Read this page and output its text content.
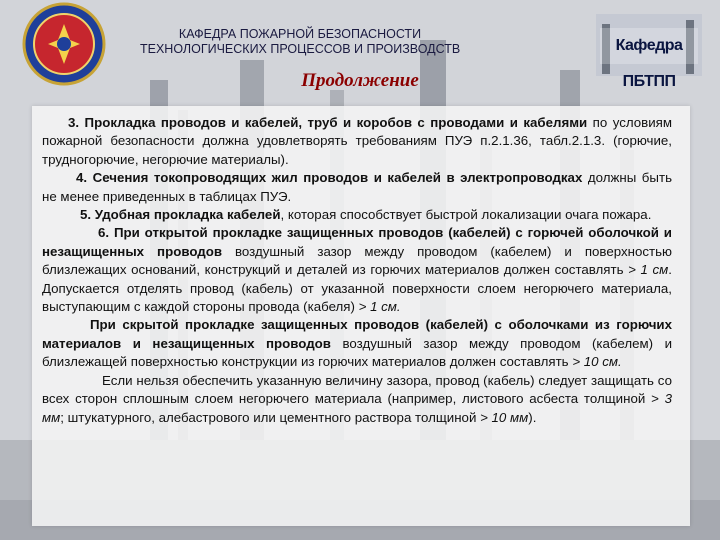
КАФЕДРА ПОЖАРНОЙ БЕЗОПАСНОСТИ
ТЕХНОЛОГИЧЕСКИХ ПРОЦЕССОВ И ПРОИЗВОДСТВ	Кафедра ПБТПП
Продолжение

3. Прокладка проводов и кабелей, труб и коробов с проводами и кабелями по условиям пожарной безопасности должна удовлетворять требованиям ПУЭ п.2.1.36, табл.2.1.3. (горючие, трудногорючие, негорючие материалы).

4. Сечения токопроводящих жил проводов и кабелей в электропроводках должны быть не менее приведенных в таблицах ПУЭ.

5. Удобная прокладка кабелей, которая способствует быстрой локализации очага пожара.

6. При открытой прокладке защищенных проводов (кабелей) с горючей оболочкой и незащищенных проводов воздушный зазор между проводом (кабелем) и поверхностью близлежащих оснований, конструкций и деталей из горючих материалов должен составлять > 1 см. Допускается отделять провод (кабель) от указанной поверхности слоем негорючего материала, выступающим с каждой стороны провода (кабеля) > 1 см.

При скрытой прокладке защищенных проводов (кабелей) с оболочками из горючих материалов и незащищенных проводов воздушный зазор между проводом (кабелем) и близлежащей поверхностью конструкции из горючих материалов должен составлять > 10 см.

Если нельзя обеспечить указанную величину зазора, провод (кабель) следует защищать со всех сторон сплошным слоем негорючего материала (например, листового асбеста толщиной > 3 мм; штукатурного, алебастрового или цементного раствора толщиной > 10 мм).
